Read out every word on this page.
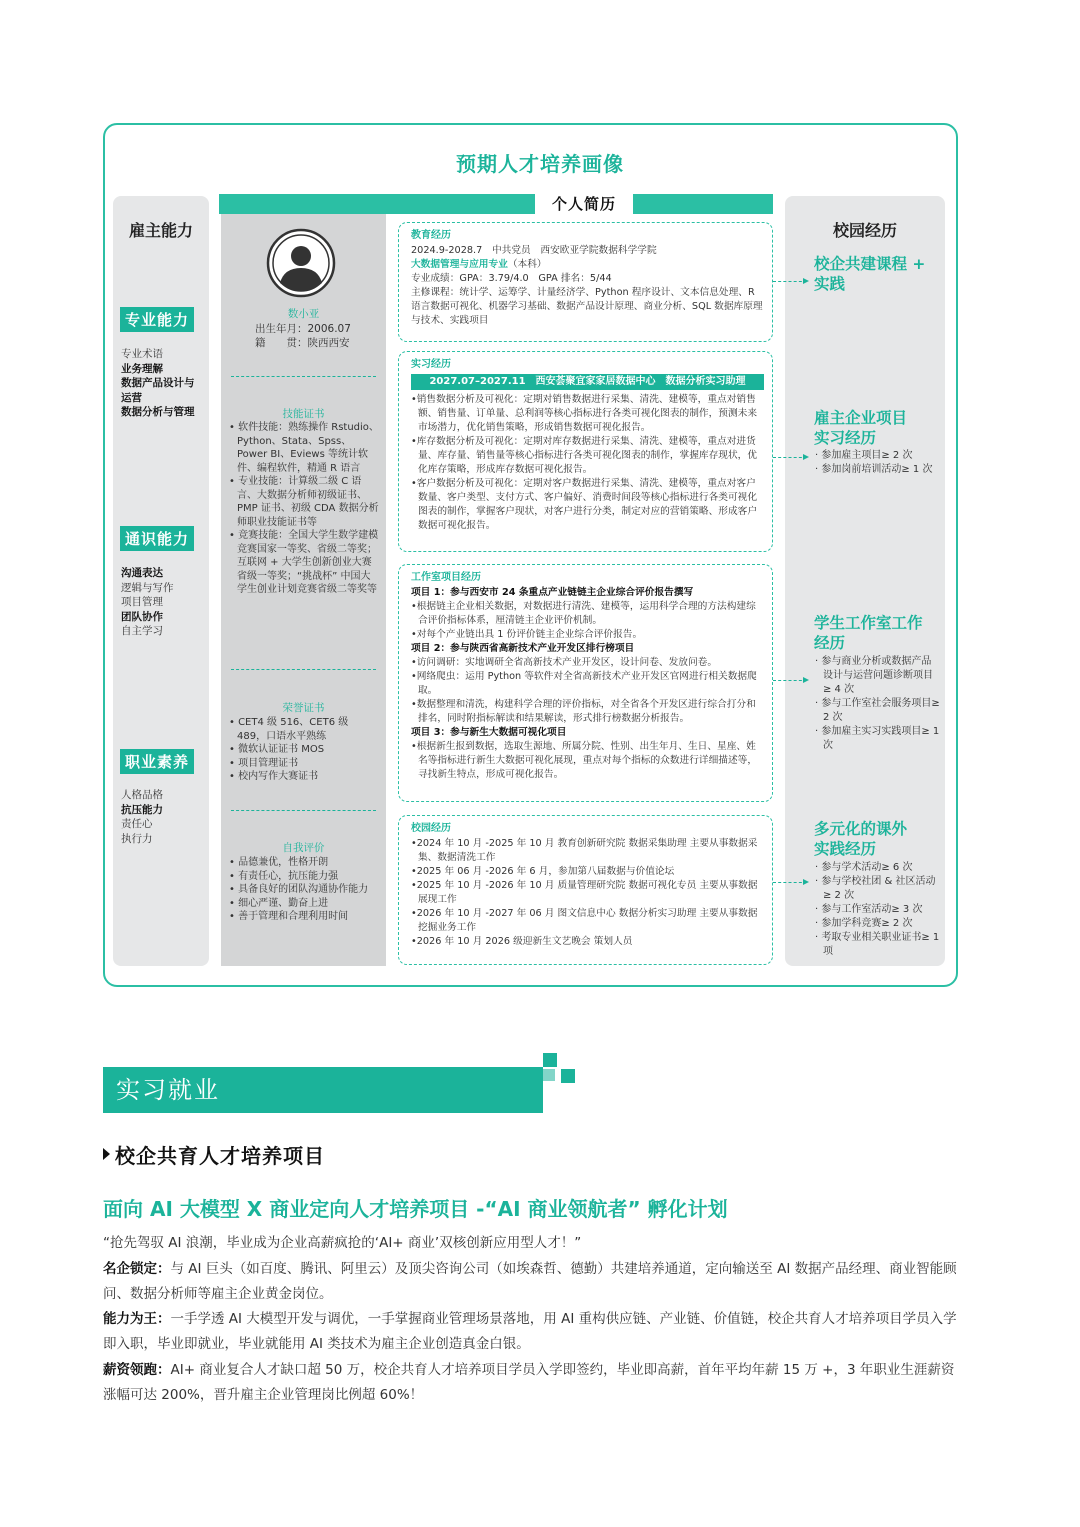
预期人才培养画像
雇主能力
专业能力
专业术语
业务理解
数据产品设计与
运营
数据分析与管理
通识能力
沟通表达
逻辑与写作
项目管理
团队协作
自主学习
职业素养
人格品格
抗压能力
责任心
执行力
个人简历
数小亚
出生年月：2006.07
籍　　贯：陕西西安
技能证书
• 软件技能：熟练操作 Rstudio、Python、Stata、Spss、Power BI、Eviews 等统计软件、编程软件，精通 R 语言
• 专业技能：计算级二级 C 语言、大数据分析师初级证书、PMP 证书、初级 CDA 数据分析师职业技能证书等
• 竞赛技能：全国大学生数学建模竞赛国家一等奖、省级二等奖；互联网 + 大学生创新创业大赛省级一等奖；“挑战杯” 中国大学生创业计划竞赛省级二等奖等
荣誉证书
• CET4 级 516、CET6 级 489，口语水平熟练
• 微软认证证书 MOS
• 项目管理证书
• 校内写作大赛证书
自我评价
• 品德兼优，性格开朗
• 有责任心，抗压能力强
• 具备良好的团队沟通协作能力
• 细心严谨、勤奋上进
• 善于管理和合理利用时间
教育经历
2024.9-2028.7　中共党员　西安欧亚学院数据科学学院
大数据管理与应用专业（本科）
专业成绩：GPA：3.79/4.0　GPA 排名：5/44
主修课程：统计学、运筹学、计量经济学、Python 程序设计、文本信息处理、R 语言数据可视化、机器学习基础、数据产品设计原理、商业分析、SQL 数据库原理与技术、实践项目
实习经历
2027.07–2027.11　西安荟聚宜家家居数据中心　数据分析实习助理
•销售数据分析及可视化：定期对销售数据进行采集、清洗、建模等，重点对销售额、销售量、订单量、总利润等核心指标进行各类可视化图表的制作，预测未来市场潜力，优化销售策略，形成销售数据可视化报告。
•库存数据分析及可视化：定期对库存数据进行采集、清洗、建模等，重点对进货量、库存量、销售量等核心指标进行各类可视化图表的制作，掌握库存现状，优化库存策略，形成库存数据可视化报告。
•客户数据分析及可视化：定期对客户数据进行采集、清洗、建模等，重点对客户数量、客户类型、支付方式、客户偏好、消费时间段等核心指标进行各类可视化图表的制作，掌握客户现状，对客户进行分类，制定对应的营销策略、形成客户数据可视化报告。
工作室项目经历
项目 1：参与西安市 24 条重点产业链链主企业综合评价报告撰写
•根据链主企业相关数据，对数据进行清洗、建模等，运用科学合理的方法构建综合评价指标体系，厘清链主企业评价机制。
•对每个产业链出具 1 份评价链主企业综合评价报告。
项目 2：参与陕西省高新技术产业开发区排行榜项目
•访问调研：实地调研全省高新技术产业开发区，设计问卷、发放问卷。
•网络爬虫：运用 Python 等软件对全省高新技术产业开发区官网进行相关数据爬取。
•数据整理和清洗，构建科学合理的评价指标，对全省各个开发区进行综合打分和排名，同时附指标解读和结果解读，形式排行榜数据分析报告。
项目 3：参与新生大数据可视化项目
•根据新生报到数据，选取生源地、所属分院、性别、出生年月、生日、星座、姓名等指标进行新生大数据可视化展现，重点对每个指标的众数进行详细描述等，寻找新生特点，形成可视化报告。
校园经历
•2024 年 10 月 -2025 年 10 月 教育创新研究院 数据采集助理 主要从事数据采集、数据清洗工作
•2025 年 06 月 -2026 年 6 月，参加第八届数据与价值论坛
•2025 年 10 月 -2026 年 10 月 质量管理研究院 数据可视化专员 主要从事数据展现工作
•2026 年 10 月 -2027 年 06 月 图文信息中心 数据分析实习助理 主要从事数据挖掘业务工作
•2026 年 10 月 2026 级迎新生文艺晚会 策划人员
校园经历
校企共建课程 +
实践
雇主企业项目
实习经历
· 参加雇主项目≥ 2 次
· 参加岗前培训活动≥ 1 次
学生工作室工作
经历
· 参与商业分析或数据产品设计与运营问题诊断项目≥ 4 次
· 参与工作室社会服务项目≥ 2 次
· 参加雇主实习实践项目≥ 1 次
多元化的课外
实践经历
· 参与学术活动≥ 6 次
· 参与学校社团 & 社区活动≥ 2 次
· 参与工作室活动≥ 3 次
· 参加学科竞赛≥ 2 次
· 考取专业相关职业证书≥ 1 项
实习就业
校企共育人才培养项目
面向 AI 大模型 X 商业定向人才培养项目 -“AI 商业领航者” 孵化计划
“抢先驾驭 AI 浪潮，毕业成为企业高薪疯抢的‘AI+ 商业’双核创新应用型人才！”
名企锁定：与 AI 巨头（如百度、腾讯、阿里云）及顶尖咨询公司（如埃森哲、德勤）共建培养通道，定向输送至 AI 数据产品经理、商业智能顾问、数据分析师等雇主企业黄金岗位。
能力为王：一手学透 AI 大模型开发与调优，一手掌握商业管理场景落地，用 AI 重构供应链、产业链、价值链，校企共育人才培养项目学员入学即入职，毕业即就业，毕业就能用 AI 类技术为雇主企业创造真金白银。
薪资领跑：AI+ 商业复合人才缺口超 50 万，校企共育人才培养项目学员入学即签约，毕业即高薪，首年平均年薪 15 万 +，3 年职业生涯薪资涨幅可达 200%，晋升雇主企业管理岗比例超 60%！
